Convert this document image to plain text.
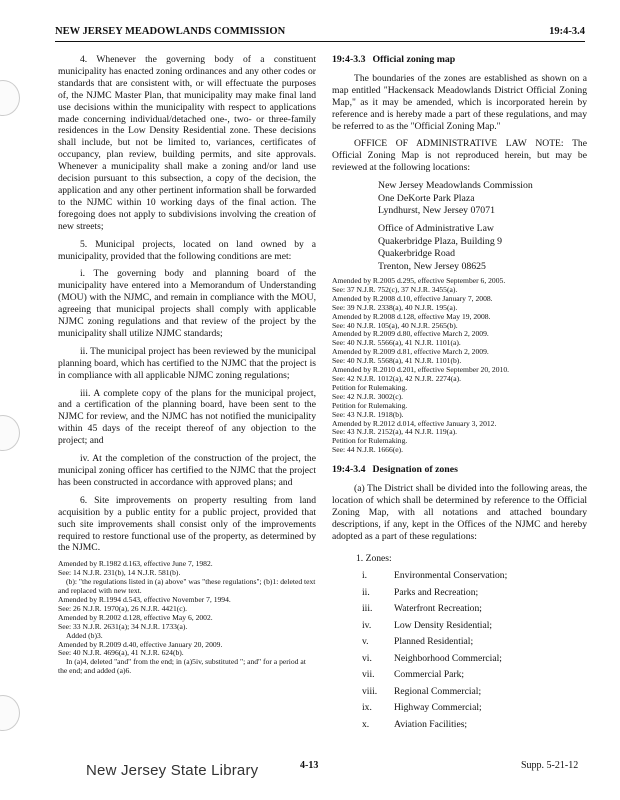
NEW JERSEY MEADOWLANDS COMMISSION	19:4-3.4

4. Whenever the governing body of a constituent municipality has enacted zoning ordinances and any other codes or standards that are consistent with, or will effectuate the purposes of, the NJMC Master Plan, that municipality may make final land use decisions within the municipality with respect to applications made concerning individual/detached one-, two- or three-family residences in the Low Density Residential zone. These decisions shall include, but not be limited to, variances, certificates of occupancy, plan review, building permits, and site approvals. Whenever a municipality shall make a zoning and/or land use decision pursuant to this subsection, a copy of the decision, the application and any other pertinent information shall be forwarded to the NJMC within 10 working days of the final action. The foregoing does not apply to subdivisions involving the creation of new streets;

5. Municipal projects, located on land owned by a municipality, provided that the following conditions are met:

i. The governing body and planning board of the municipality have entered into a Memorandum of Understanding (MOU) with the NJMC, and remain in compliance with the MOU, agreeing that municipal projects shall comply with applicable NJMC zoning regulations and that review of the project by the municipality shall utilize NJMC standards;

ii. The municipal project has been reviewed by the municipal planning board, which has certified to the NJMC that the project is in compliance with all applicable NJMC zoning regulations;

iii. A complete copy of the plans for the municipal project, and a certification of the planning board, have been sent to the NJMC for review, and the NJMC has not notified the municipality within 45 days of the receipt thereof of any objection to the project; and

iv. At the completion of the construction of the project, the municipal zoning officer has certified to the NJMC that the project has been constructed in accordance with approved plans; and

6. Site improvements on property resulting from land acquisition by a public entity for a public project, provided that such site improvements shall consist only of the improvements required to restore functional use of the property, as determined by the NJMC.

Amended by R.1982 d.163, effective June 7, 1982.
See: 14 N.J.R. 231(b), 14 N.J.R. 581(b).
(b): "the regulations listed in (a) above" was "these regulations"; (b)1: deleted text and replaced with new text.
Amended by R.1994 d.543, effective November 7, 1994.
See: 26 N.J.R. 1970(a), 26 N.J.R. 4421(c).
Amended by R.2002 d.128, effective May 6, 2002.
See: 33 N.J.R. 2631(a); 34 N.J.R. 1733(a).
Added (b)3.
Amended by R.2009 d.40, effective January 20, 2009.
See: 40 N.J.R. 4696(a), 41 N.J.R. 624(b).
In (a)4, deleted "and" from the end; in (a)5iv, substituted "; and" for a period at the end; and added (a)6.
19:4-3.3 Official zoning map

The boundaries of the zones are established as shown on a map entitled "Hackensack Meadowlands District Official Zoning Map," as it may be amended, which is incorporated herein by reference and is hereby made a part of these regulations, and may be referred to as the "Official Zoning Map."

OFFICE OF ADMINISTRATIVE LAW NOTE: The Official Zoning Map is not reproduced herein, but may be reviewed at the following locations:

New Jersey Meadowlands Commission
One DeKorte Park Plaza
Lyndhurst, New Jersey 07071
Office of Administrative Law
Quakerbridge Plaza, Building 9
Quakerbridge Road
Trenton, New Jersey 08625
Amended by R.2005 d.295, effective September 6, 2005.
See: 37 N.J.R. 752(c), 37 N.J.R. 3455(a).
Amended by R.2008 d.10, effective January 7, 2008.
See: 39 N.J.R. 2338(a), 40 N.J.R. 195(a).
Amended by R.2008 d.128, effective May 19, 2008.
See: 40 N.J.R. 105(a), 40 N.J.R. 2565(b).
Amended by R.2009 d.80, effective March 2, 2009.
See: 40 N.J.R. 5566(a), 41 N.J.R. 1101(a).
Amended by R.2009 d.81, effective March 2, 2009.
See: 40 N.J.R. 5568(a), 41 N.J.R. 1101(b).
Amended by R.2010 d.201, effective September 20, 2010.
See: 42 N.J.R. 1012(a), 42 N.J.R. 2274(a).
Petition for Rulemaking.
See: 42 N.J.R. 3002(c).
Petition for Rulemaking.
See: 43 N.J.R. 1918(b).
Amended by R.2012 d.014, effective January 3, 2012.
See: 43 N.J.R. 2152(a), 44 N.J.R. 119(a).
Petition for Rulemaking.
See: 44 N.J.R. 1666(e).
19:4-3.4 Designation of zones

(a) The District shall be divided into the following areas, the location of which shall be determined by reference to the Official Zoning Map, with all notations and attached boundary descriptions, if any, kept in the Offices of the NJMC and hereby adopted as a part of these regulations:

1. Zones:
i.	Environmental Conservation;
ii.	Parks and Recreation;
iii.	Waterfront Recreation;
iv.	Low Density Residential;
v.	Planned Residential;
vi.	Neighborhood Commercial;
vii.	Commercial Park;
viii.	Regional Commercial;
ix.	Highway Commercial;
x.	Aviation Facilities;
New Jersey State Library	4-13	Supp. 5-21-12
